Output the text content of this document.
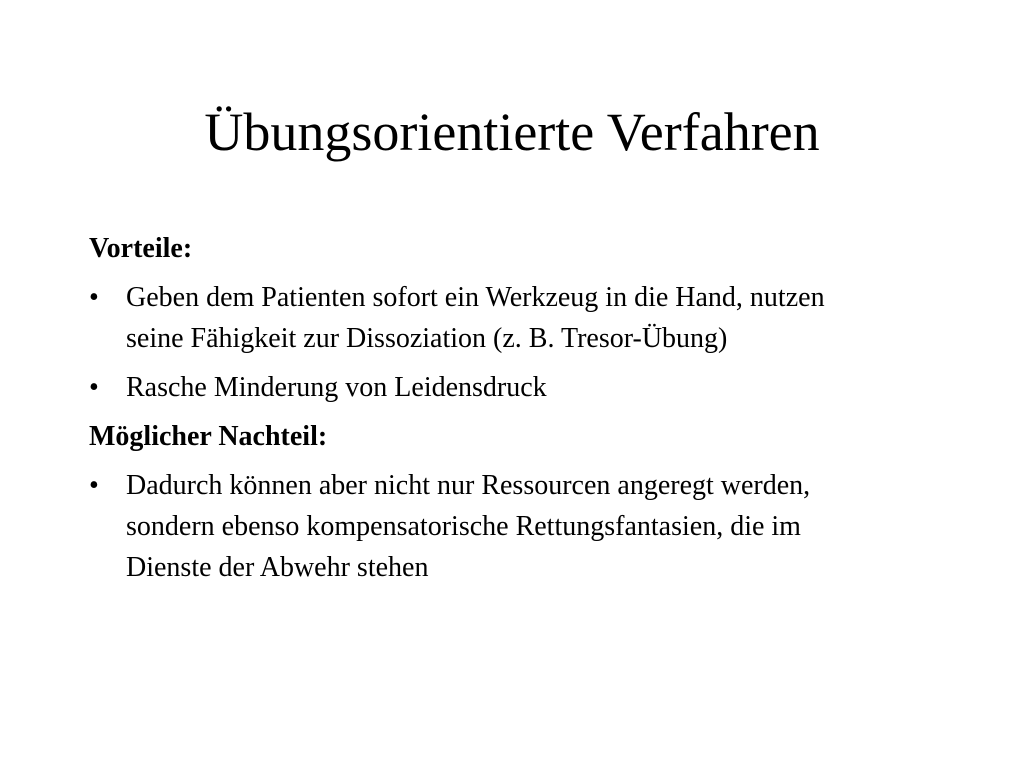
Übungsorientierte Verfahren
Vorteile:
• Geben dem Patienten sofort ein Werkzeug in die Hand, nutzen seine Fähigkeit zur Dissoziation (z. B. Tresor-Übung)
• Rasche Minderung von Leidensdruck
Möglicher Nachteil:
• Dadurch können aber nicht nur Ressourcen angeregt werden, sondern ebenso kompensatorische Rettungsfantasien, die im Dienste der Abwehr stehen
